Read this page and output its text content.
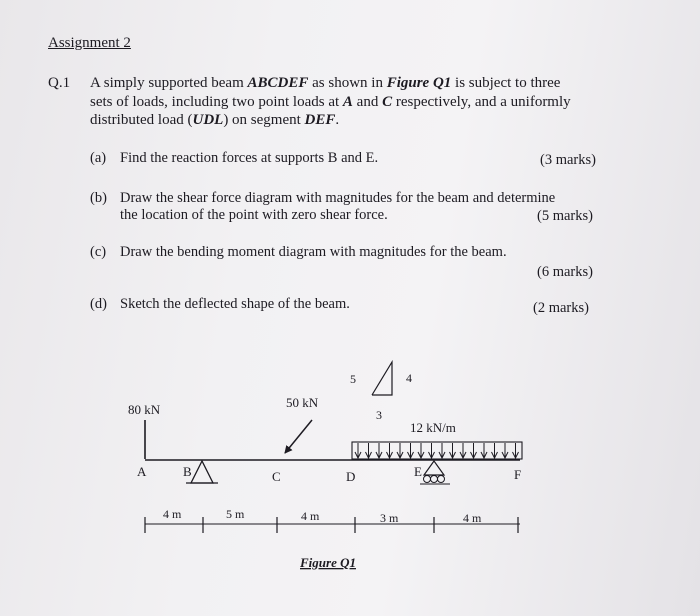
Assignment 2
Q.1 A simply supported beam ABCDEF as shown in Figure Q1 is subject to three
sets of loads, including two point loads at A and C respectively, and a uniformly
distributed load (UDL) on segment DEF.
(a) Find the reaction forces at supports B and E.	(3 marks)
(b) Draw the shear force diagram with magnitudes for the beam and determine
the location of the point with zero shear force.	(5 marks)
(c) Draw the bending moment diagram with magnitudes for the beam.
(6 marks)
(d) Sketch the deflected shape of the beam.	(2 marks)
80 kN	50 kN
5	4
3
12 kN/m
A	B	C	D	E	F
4 m	5 m	4 m	3 m	4 m
Figure Q1
